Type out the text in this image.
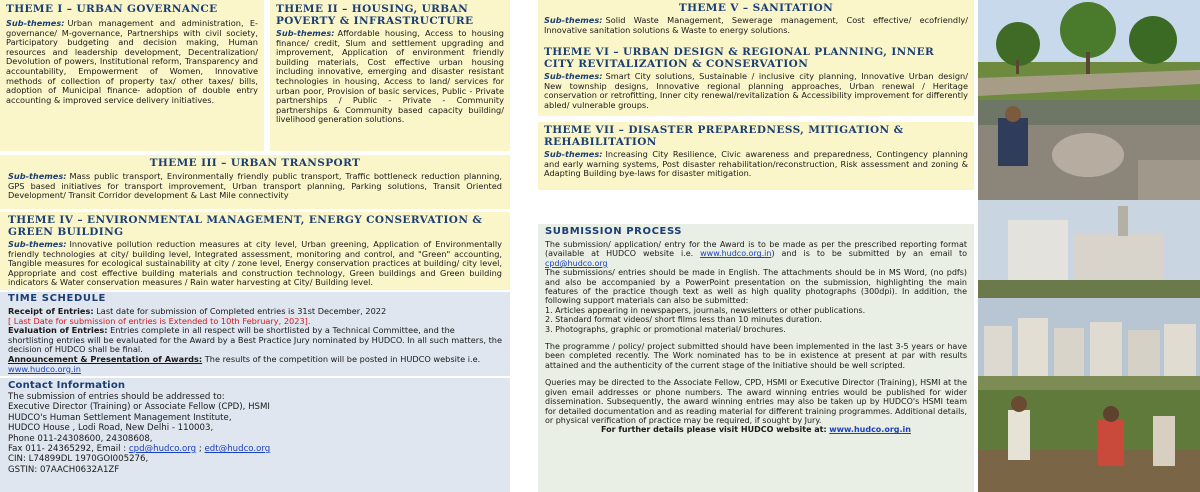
THEME I – URBAN GOVERNANCE
Sub-themes: Urban management and administration, E-governance/ M-governance, Partnerships with civil society, Participatory budgeting and decision making, Human resources and leadership development, Decentralization/ Devolution of powers, Institutional reform, Transparency and accountability, Empowerment of Women, Innovative methods of collection of property tax/ other taxes/ bills, adoption of Municipal finance- adoption of double entry accounting & improved service delivery initiatives.
THEME II – HOUSING, URBAN POVERTY & INFRASTRUCTURE
Sub-themes: Affordable housing, Access to housing finance/ credit, Slum and settlement upgrading and improvement, Application of environment friendly building materials, Cost effective urban housing including innovative, emerging and disaster resistant technologies in housing, Access to land/ services for urban poor, Provision of basic services, Public - Private partnerships / Public - Private - Community partnerships & Community based capacity building/ livelihood generation solutions.
THEME III – URBAN TRANSPORT
Sub-themes: Mass public transport, Environmentally friendly public transport, Traffic bottleneck reduction planning, GPS based initiatives for transport improvement, Urban transport planning, Parking solutions, Transit Oriented Development/ Transit Corridor development & Last Mile connectivity
THEME IV – ENVIRONMENTAL MANAGEMENT, ENERGY CONSERVATION & GREEN BUILDING
Sub-themes: Innovative pollution reduction measures at city level, Urban greening, Application of Environmentally friendly technologies at city/ building level, Integrated assessment, monitoring and control, and "Green" accounting, Tangible measures for ecological sustainability at city / zone level, Energy conservation practices at building/ city level, Appropriate and cost effective building materials and construction technology, Green buildings and Green building indicators & Water conservation measures / Rain water harvesting at City/ Building level.
TIME SCHEDULE
Receipt of Entries: Last date for submission of Completed entries is 31st December, 2022
[ Last Date for submission of entries is Extended to 10th February, 2023].
Evaluation of Entries: Entries complete in all respect will be shortlisted by a Technical Committee, and the shortlisting entries will be evaluated for the Award by a Best Practice Jury nominated by HUDCO. In all such matters, the decision of HUDCO shall be final.
Announcement & Presentation of Awards: The results of the competition will be posted in HUDCO website i.e. www.hudco.org.in
Contact Information
The submission of entries should be addressed to:
Executive Director (Training) or Associate Fellow (CPD), HSMI
HUDCO's Human Settlement Management Institute,
HUDCO House , Lodi Road, New Delhi - 110003,
Phone 011-24308600, 24308608,
Fax 011- 24365292, Email : cpd@hudco.org ; edt@hudco.org
CIN: L74899DL 1970GOI005276,
GSTIN: 07AACH0632A1ZF
THEME V – SANITATION
Sub-themes: Solid Waste Management, Sewerage management, Cost effective/ ecofriendly/ Innovative sanitation solutions & Waste to energy solutions.
THEME VI – URBAN DESIGN & REGIONAL PLANNING, INNER CITY REVITALIZATION & CONSERVATION
Sub-themes: Smart City solutions, Sustainable / inclusive city planning, Innovative Urban design/ New township designs, Innovative regional planning approaches, Urban renewal / Heritage conservation or retrofitting, Inner city renewal/revitalization & Accessibility improvement for differently abled/ vulnerable groups.
THEME VII – DISASTER PREPAREDNESS, MITIGATION & REHABILITATION
Sub-themes: Increasing City Resilience, Civic awareness and preparedness, Contingency planning and early warning systems, Post disaster rehabilitation/reconstruction, Risk assessment and zoning & Adapting Building bye-laws for disaster mitigation.
SUBMISSION PROCESS
The submission/ application/ entry for the Award is to be made as per the prescribed reporting format (available at HUDCO website i.e. www.hudco.org.in) and is to be submitted by an email to cpd@hudco.org
The submissions/ entries should be made in English. The attachments should be in MS Word, (no pdfs) and also be accompanied by a PowerPoint presentation on the submission, highlighting the main features of the practice though text as well as high quality photographs (300dpi). In addition, the following support materials can also be submitted:
1. Articles appearing in newspapers, journals, newsletters or other publications.
2. Standard format videos/ short films less than 10 minutes duration.
3. Photographs, graphic or promotional material/ brochures.
The programme / policy/ project submitted should have been implemented in the last 3-5 years or have been completed recently. The Work nominated has to be in existence at present at par with results attained and the authenticity of the current stage of the Initiative should be well scripted.
Queries may be directed to the Associate Fellow, CPD, HSMI or Executive Director (Training), HSMI at the given email addresses or phone numbers. The award winning entries would be published for wider dissemination. Subsequently, the award winning entries may also be taken up by HUDCO's HSMI team for detailed documentation and as reading material for different training programmes. Additional details, or physical verification of practice may be required, if sought by Jury.
For further details please visit HUDCO website at: www.hudco.org.in
